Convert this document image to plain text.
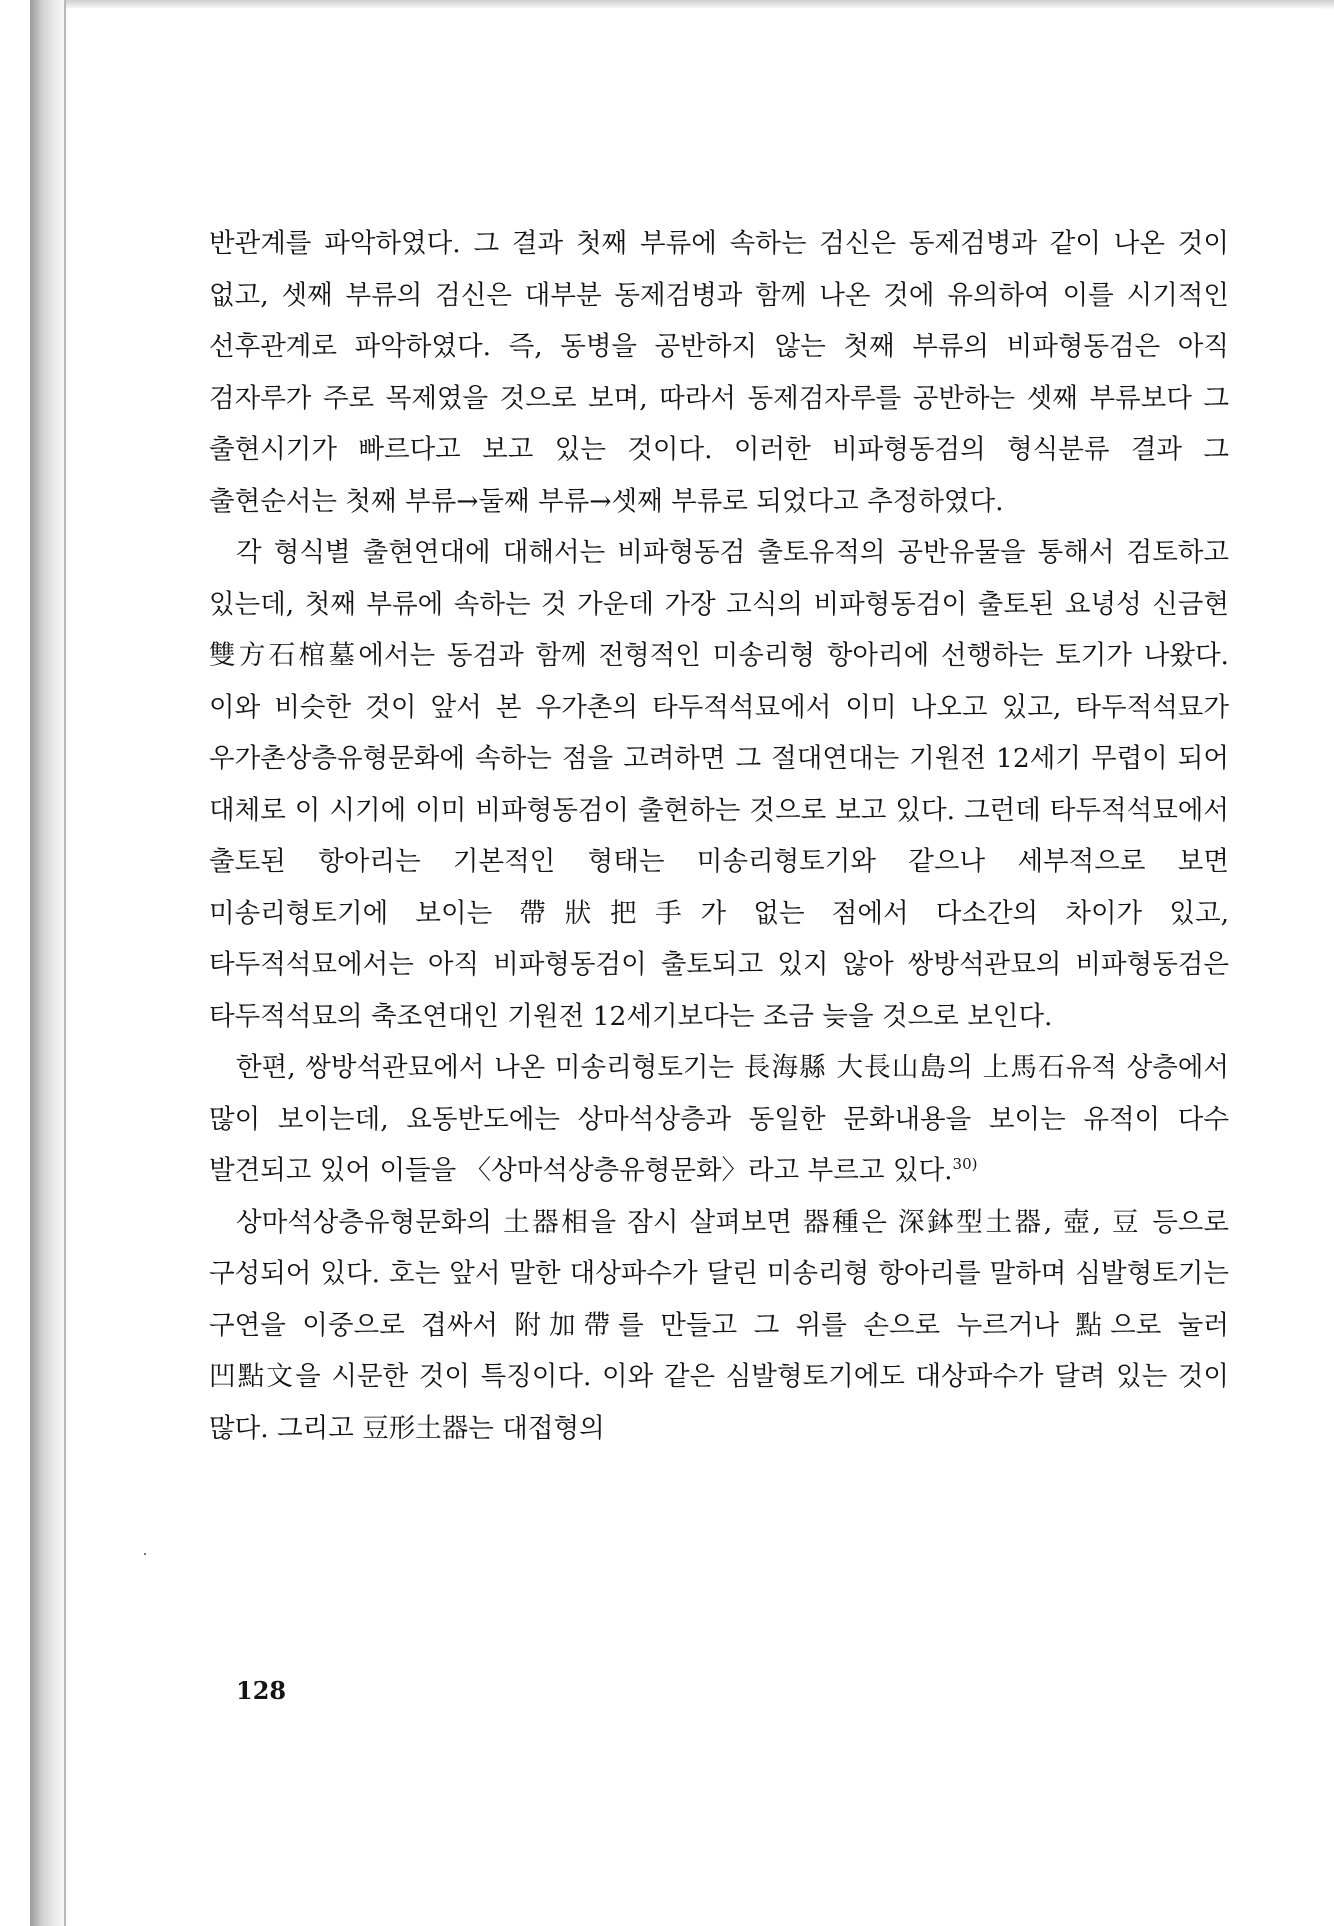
반관계를 파악하였다. 그 결과 첫째 부류에 속하는 검신은 동제검병과 같이 나온 것이 없고, 셋째 부류의 검신은 대부분 동제검병과 함께 나온 것에 유의하여 이를 시기적인 선후관계로 파악하였다. 즉, 동병을 공반하지 않는 첫째 부류의 비파형동검은 아직 검자루가 주로 목제였을 것으로 보며, 따라서 동제검자루를 공반하는 셋째 부류보다 그 출현시기가 빠르다고 보고 있는 것이다. 이러한 비파형동검의 형식분류 결과 그 출현순서는 첫째 부류→둘째 부류→셋째 부류로 되었다고 추정하였다.

각 형식별 출현연대에 대해서는 비파형동검 출토유적의 공반유물을 통해서 검토하고 있는데, 첫째 부류에 속하는 것 가운데 가장 고식의 비파형동검이 출토된 요녕성 신금현 雙方石棺墓에서는 동검과 함께 전형적인 미송리형 항아리에 선행하는 토기가 나왔다. 이와 비슷한 것이 앞서 본 우가촌의 타두적석묘에서 이미 나오고 있고, 타두적석묘가 우가촌상층유형문화에 속하는 점을 고려하면 그 절대연대는 기원전 12세기 무렵이 되어 대체로 이 시기에 이미 비파형동검이 출현하는 것으로 보고 있다. 그런데 타두적석묘에서 출토된 항아리는 기본적인 형태는 미송리형토기와 같으나 세부적으로 보면 미송리형토기에 보이는 帶狀把手가 없는 점에서 다소간의 차이가 있고, 타두적석묘에서는 아직 비파형동검이 출토되고 있지 않아 쌍방석관묘의 비파형동검은 타두적석묘의 축조연대인 기원전 12세기보다는 조금 늦을 것으로 보인다.

한편, 쌍방석관묘에서 나온 미송리형토기는 長海縣 大長山島의 上馬石유적 상층에서 많이 보이는데, 요동반도에는 상마석상층과 동일한 문화내용을 보이는 유적이 다수 발견되고 있어 이들을 〈상마석상층유형문화〉라고 부르고 있다.$^{30)}$

상마석상층유형문화의 土器相을 잠시 살펴보면 器種은 深鉢型土器, 壺, 豆 등으로 구성되어 있다. 호는 앞서 말한 대상파수가 달린 미송리형 항아리를 말하며 심발형토기는 구연을 이중으로 겹싸서 附加帶를 만들고 그 위를 손으로 누르거나 點으로 눌러 凹點文을 시문한 것이 특징이다. 이와 같은 심발형토기에도 대상파수가 달려 있는 것이 많다. 그리고 豆形土器는 대접형의

128
